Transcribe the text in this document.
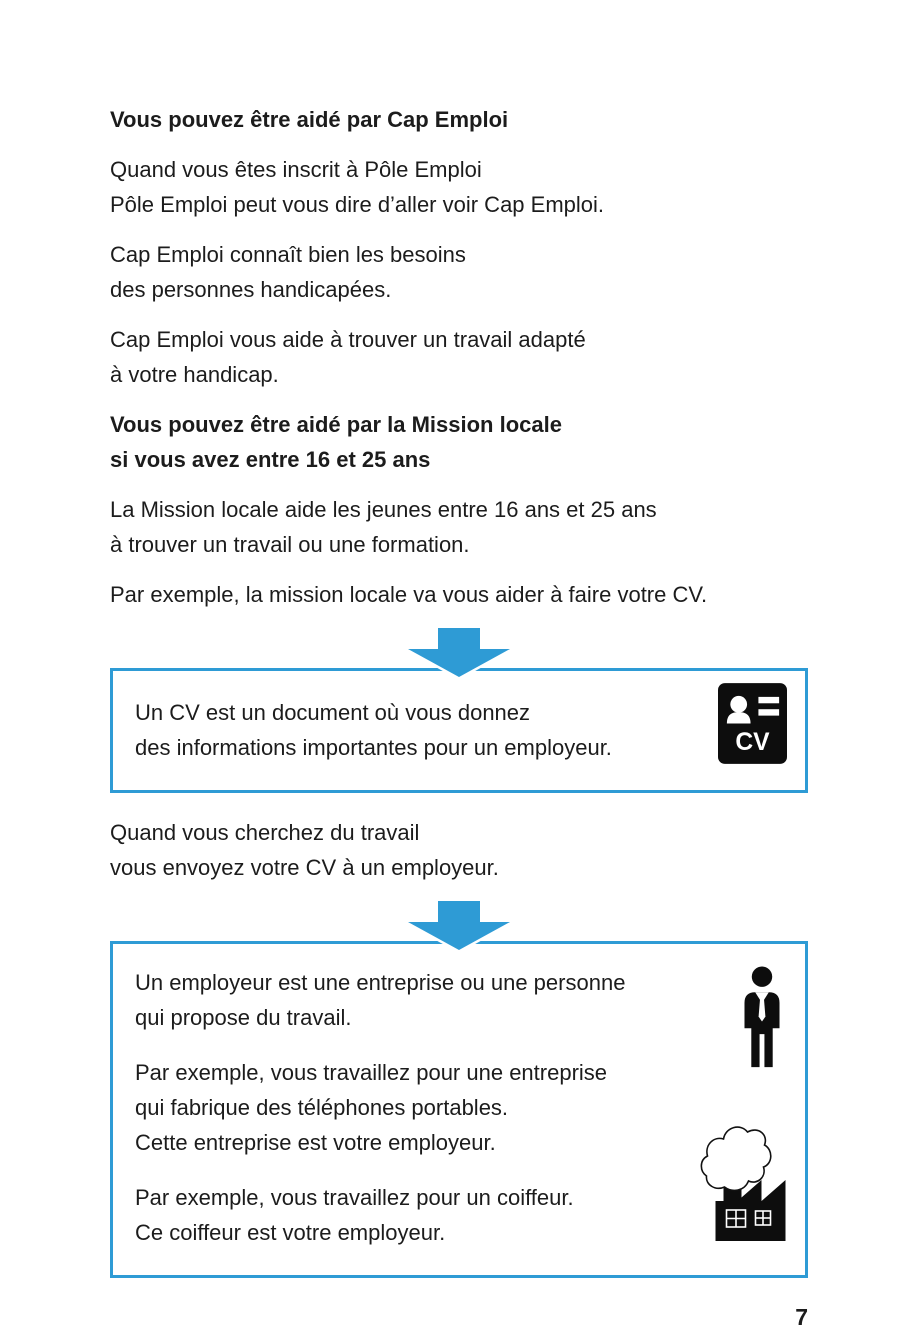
Vous pouvez être aidé par Cap Emploi
Quand vous êtes inscrit à Pôle Emploi
Pôle Emploi peut vous dire d’aller voir Cap Emploi.
Cap Emploi connaît bien les besoins
des personnes handicapées.
Cap Emploi vous aide à trouver un travail adapté
à votre handicap.
Vous pouvez être aidé par la Mission locale
si vous avez entre 16 et 25 ans
La Mission locale aide les jeunes entre 16 ans et 25 ans
à trouver un travail ou une formation.
Par exemple, la mission locale va vous aider à faire votre CV.
Un CV est un document où vous donnez
des informations importantes pour un employeur.	CV
Quand vous cherchez du travail
vous envoyez votre CV à un employeur.
Un employeur est une entreprise ou une personne
qui propose du travail.
Par exemple, vous travaillez pour une entreprise
qui fabrique des téléphones portables.
Cette entreprise est votre employeur.
Par exemple, vous travaillez pour un coiffeur.
Ce coiffeur est votre employeur.
7
